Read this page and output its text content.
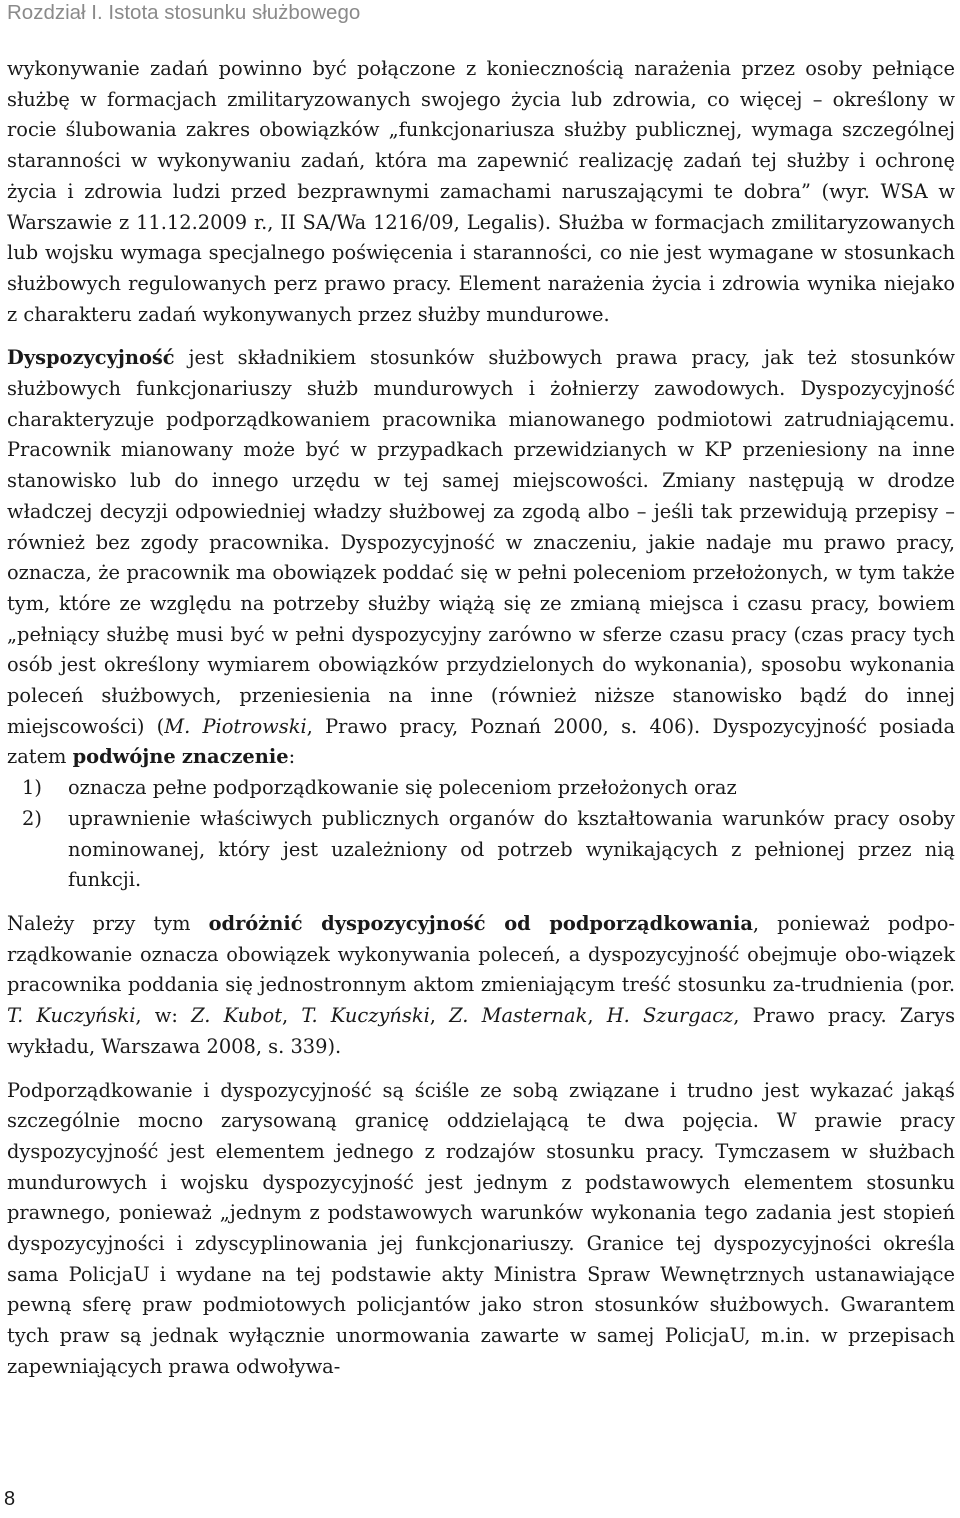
Rozdział I. Istota stosunku służbowego

wykonywanie zadań powinno być połączone z koniecznością narażenia przez osoby pełniące służbę w formacjach zmilitaryzowanych swojego życia lub zdrowia, co więcej – określony w rocie ślubowania zakres obowiązków „funkcjonariusza służby publicznej, wymaga szczególnej staranności w wykonywaniu zadań, która ma zapewnić realizację zadań tej służby i ochronę życia i zdrowia ludzi przed bezprawnymi zamachami naruszającymi te dobra” (wyr. WSA w Warszawie z 11.12.2009 r., II SA/Wa 1216/09, Legalis). Służba w formacjach zmilitaryzowanych lub wojsku wymaga specjalnego poświęcenia i staranności, co nie jest wymagane w stosunkach służbowych regulowanych perz prawo pracy. Element narażenia życia i zdrowia wynika niejako z charakteru zadań wykonywanych przez służby mundurowe.

Dyspozycyjność jest składnikiem stosunków służbowych prawa pracy, jak też stosunków służbowych funkcjonariuszy służb mundurowych i żołnierzy zawodowych. Dyspozycyjność charakteryzuje podporządkowaniem pracownika mianowanego podmiotowi zatrudniającemu. Pracownik mianowany może być w przypadkach przewidzianych w KP przeniesiony na inne stanowisko lub do innego urzędu w tej samej miejscowości. Zmiany następują w drodze władczej decyzji odpowiedniej władzy służbowej za zgodą albo – jeśli tak przewidują przepisy – również bez zgody pracownika. Dyspozycyjność w znaczeniu, jakie nadaje mu prawo pracy, oznacza, że pracownik ma obowiązek poddać się w pełni poleceniom przełożonych, w tym także tym, które ze względu na potrzeby służby wiążą się ze zmianą miejsca i czasu pracy, bowiem „pełniący służbę musi być w pełni dyspozycyjny zarówno w sferze czasu pracy (czas pracy tych osób jest określony wymiarem obowiązków przydzielonych do wykonania), sposobu wykonania poleceń służbowych, przeniesienia na inne (również niższe stanowisko bądź do innej miejscowości) (M. Piotrowski, Prawo pracy, Poznań 2000, s. 406). Dyspozycyjność posiada zatem podwójne znaczenie:

1) oznacza pełne podporządkowanie się poleceniom przełożonych oraz
2) uprawnienie właściwych publicznych organów do kształtowania warunków pracy osoby nominowanej, który jest uzależniony od potrzeb wynikających z pełnionej przez nią funkcji.

Należy przy tym odróżnić dyspozycyjność od podporządkowania, ponieważ podpo-rządkowanie oznacza obowiązek wykonywania poleceń, a dyspozycyjność obejmuje obo-wiązek pracownika poddania się jednostronnym aktom zmieniającym treść stosunku za-trudnienia (por. T. Kuczyński, w: Z. Kubot, T. Kuczyński, Z. Masternak, H. Szurgacz, Prawo pracy. Zarys wykładu, Warszawa 2008, s. 339).

Podporządkowanie i dyspozycyjność są ściśle ze sobą związane i trudno jest wykazać jakąś szczególnie mocno zarysowaną granicę oddzielającą te dwa pojęcia. W prawie pracy dyspozycyjność jest elementem jednego z rodzajów stosunku pracy. Tymczasem w służbach mundurowych i wojsku dyspozycyjność jest jednym z podstawowych elementem stosunku prawnego, ponieważ „jednym z podstawowych warunków wykonania tego zadania jest stopień dyspozycyjności i zdyscyplinowania jej funkcjonariuszy. Granice tej dyspozycyjności określa sama PolicjaU i wydane na tej podstawie akty Ministra Spraw Wewnętrznych ustanawiające pewną sferę praw podmiotowych policjantów jako stron stosunków służbowych. Gwarantem tych praw są jednak wyłącznie unormowania zawarte w samej PolicjaU, m.in. w przepisach zapewniających prawa odwoływa-

8
